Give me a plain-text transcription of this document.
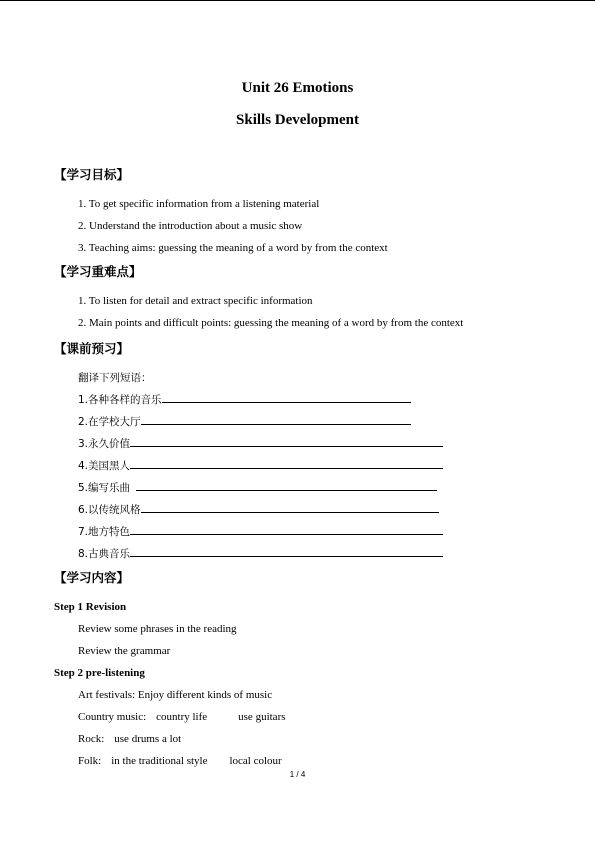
Unit 26 Emotions
Skills Development
【学习目标】
1. To get specific information from a listening material
2. Understand the introduction about a music show
3. Teaching aims: guessing the meaning of a word by from the context
【学习重难点】
1. To listen for detail and extract specific information
2. Main points and difficult points: guessing the meaning of a word by from the context
【课前预习】
翻译下列短语：
1.各种各样的音乐
2.在学校大厅
3.永久价值
4.美国黑人
5.编写乐曲
6.以传统风格
7.地方特色
8.古典音乐
【学习内容】
Step 1 Revision
Review some phrases in the reading
Review the grammar
Step 2 pre-listening
Art festivals: Enjoy different kinds of music
Country music: country life	use guitars
Rock: use drums a lot
Folk: in the traditional style local colour
1 / 4
